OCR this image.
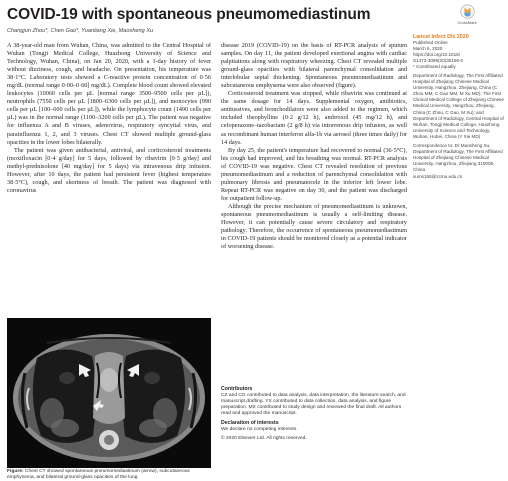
COVID-19 with spontaneous pneumomediastinum	CrossMark
Changjun Zhou*, Chen Gao*, Yuanliang Xie, Maosheng Xu

A 38-year-old man from Wuhan, China, was admitted to the Central Hospital of Wuhan (Tongji Medical College, Huazhong University of Science and Technology, Wuhan, China), on Jan 20, 2020, with a 1-day history of fever without dizziness, cough, and headache. On presentation, his temperature was 38·1°C. Laboratory tests showed a C-reactive protein concentration of 0·56 mg/dL (normal range 0·00–0·60] mg/dL). Complete blood count showed elevated leukocytes (10060 cells per µL [normal range 3500–9500 cells per µL]), neutrophils (7550 cells per µL [1800–6300 cells per µL]), and monocytes (990 cells per µL [100–600 cells per µL]), while the lymphocyte count (1490 cells per µL) was in the normal range (1100–3200 cells per µL). The patient was negative for influenza A and B viruses, adenovirus, respiratory syncytial virus, and parainfluenza 1, 2, and 3 viruses. Chest CT showed multiple ground-glass opacities in the lower lobes bilaterally.

The patient was given antibacterial, antiviral, and corticosteroid treatments (moxifloxacin [0·4 g/day] for 5 days, followed by ribavirin [0·5 g/day] and methyl-prednisolone [40 mg/day] for 5 days) via intravenous drip infusion. However, after 10 days, the patient had persistent fever (highest temperature 38·5°C), cough, and shortness of breath. The patient was diagnosed with coronavirus

Figure: Chest CT showed spontaneous pneumomediastinum (arrow), subcutaneous emphysema, and bilateral ground-glass opacities of the lung

disease 2019 (COVID-19) on the basis of RT-PCR analysis of sputum samples. On day 11, the patient developed exertional angina with cardiac palpitations along with respiratory wheezing. Chest CT revealed multiple ground-glass opacities with bilateral parenchymal consolidation and interlobular septal thickening. Spontaneous pneumomediastinum and subcutaneous emphysema were also observed (figure).

Corticosteroid treatment was stopped, while ribavirin was continued at the same dosage for 14 days. Supplemental oxygen, antibiotics, antitussives, and bronchodilators were also added to the regimen, which included theophylline (0·2 g/12 h), ambroxol (45 mg/12 h), and cefoperazone–tazobactam (2 g/8 h) via intravenous drip infusion, as well as recombinant human interferon alfa-1b via aerosol (three times daily) for 14 days.

By day 25, the patient's temperature had recovered to normal (36·5°C), his cough had improved, and his breathing was normal. RT-PCR analysis of COVID-19 was negative. Chest CT revealed resolution of previous pneumomediastinum and a reduction of parenchymal consolidation with pulmonary fibrosis and pneumatocele in the inferior left lower lobe. Repeat RT-PCR was negative on day 30, and the patient was discharged for outpatient follow-up.

Although the precise mechanism of pneumomediastinum is unknown, spontaneous pneumomediastinum is usually a self-limiting disease. However, it can potentially cause severe circulatory and respiratory pathology. Therefore, the occurrence of spontaneous pneumomediastinum in COVID-19 patients should be monitored closely as a potential indicator of worsening disease.

Contributors

CZ and CG contributed to data analysis, data interpretation, the literature search, and manuscript drafting. YX contributed to data collection, data analysis, and figure preparation. MX contributed to study design and reviewed the final draft. All authors read and approved the manuscript.

Declaration of interests

We declare no competing interests.

© 2020 Elsevier Ltd. All rights reserved.

Lancet Infect Dis 2020
Published Online
March 5, 2020
https://doi.org/10.1016/
S1473-3099(20)30156-0
* Contributed equally
Department of Radiology, The First Affiliated Hospital of Zhejiang Chinese Medical University, Hangzhou, Zhejiang, China (C Zhou MM, C Gao MM, M Xu MD); The First Clinical Medical College of Zhejiang Chinese Medical University, Hangzhou, Zhejiang, China (C Zhou, C Gao, M Xu); and Department of Radiology, Central Hospital of Wuhan, Tongji Medical College, Huazhong University of Science and Technology, Wuhan, Hubei, China (Y Xie MD)
Correspondence to: Dr Maosheng Xu, Department of Radiology, The First Affiliated Hospital of Zhejiang Chinese Medical University, Hangzhou, Zhejiang 310006, China
xums166@zcmu.edu.cn
